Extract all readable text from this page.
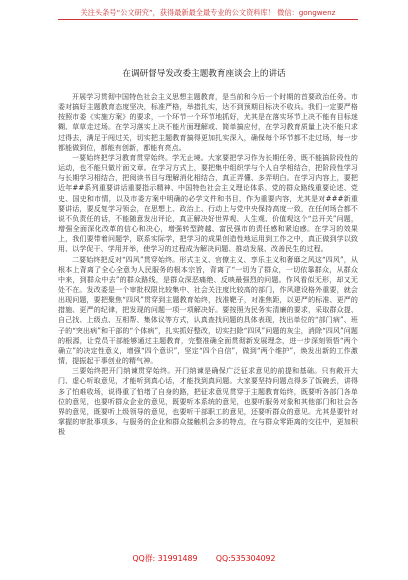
关注头条号“公文研究”，获得最新最全最专业的公文资料库！ 微信：gongwenz
在调研督导发改委主题教育座谈会上的讲话

开展学习贯彻中国特色社会主义思想主题教育，是当前和今后一个时期的首要政治任务。市委对搞好主题教育态度坚决，标准严格，举措扎实，达不到预期目标决不收兵。我们一定要严格按照市委《实施方案》的要求，一个环节一个环节地抓好，尤其是在落实环节上决不能有目标迷糊、草草走过场。在学习落实上决不能片面理解或、简单搞应付，在学习教育质量上决不能只求过得去，满足于闯过关，切实把主题教育搞得更加扎实深入，确保每个环节都不走过场，每一步都能做到位，都能有创新，都能有亮点。

一要始终把学习教育贯穿始终。学无止境。大家要把学习作为长期任务，既不能搞阶段性的运动，也不能只做片面文章。在学习方式上，要把集中组织学与个人自学相结合，把阶段性学习与长期学习相结合，把阅读书目与理解消化相结合，真正弄懂、多弄明白。在学习内容上，要把近年##系列重要讲话重要指示精神、中国特色社会主义理论体系、党的群众路线重要论述、党史、国史和市情，以及市委方案中明确的必学文件和书目，作为重要内容，尤其是对###新重要讲话，要反复学习领会，在思想上、政治上、行动上与党中央保持高度一致，在任何场合都不说不负责任的话，不能随意发出评论，真正解决好世界观、人生观、价值观这个“总开关”问题，增强全面深化改革的信心和决心，增强转型跨越、富民强市的责任感和紧迫感。在学习的效果上，我们要带着问题学，联系实际学，把学习的成果创造性地运用到工作之中，真正做到学以致用、以学促干、学用并举，使学习的过程成为解决问题、推动发展、改善民生的过程。

二要始终把反对“四风”贯穿始终。形式主义、官僚主义、享乐主义和奢靡之风这“四风”，从根本上背离了全心全意为人民服务的根本宗旨，背离了“一切为了群众，一切依靠群众，从群众中来，到群众中去”的群众路线，是群众深恶痛绝、反映最强烈的问题。作风看似无形，却又无处不在。发改委是一个审批权限比较集中、社会关注度比较高的部门，作风建设格外重要，就会出现问题，要把聚焦“四风”贯穿到主题教育始终，找准靶子，对准焦距，以更严的标准、更严的措施、更严的纪律，把发现的问题一项一项解决好。要按照为民务实清廉的要求，采取群众提、自己找、上级点、互相帮、集体议等方式，认真查找问题的具体表现，找出单位的“部门病”、班子的“突出病”和干部的“个体病”，扎实抓好整改，切实扫除“四风”问题的灰尘，消除“四风”问题的根源，让党员干部能够通过主题教育，完整准确全面贯彻新发展理念，进一步深刻领悟“两个确立”的决定性意义，增强“四个意识”，坚定“四个自信”，做到“两个维护”，焕发出新的工作激情，提振起干事创业的精气神。

三要始终把开门纳谏贯穿始终。开门纳谏是确保广泛征求意见的前提和基础。只有敞开大门、虚心听取意见，才能听到真心话，才能找到真问题。大家要坚持问题点得多了饭碗丢，讲得多了怕难收场，说得重了怕堵了自身的路，把征求意见贯穿于主题教育始终，既要听各部门各单位的意见，也要听群众企业的意见，既要听本系统的意见，也要听服务对象和其他部门和社会各界的意见，既要听上级领导的意见，也要听干部职工的意见，还要听群众的意见。尤其是要针对掌握的审批事项多、与服务的企业和群众接触机会多的特点，在与群众零距离的交往中，更加积极

QQ群: 31991489 QQ:535304092
